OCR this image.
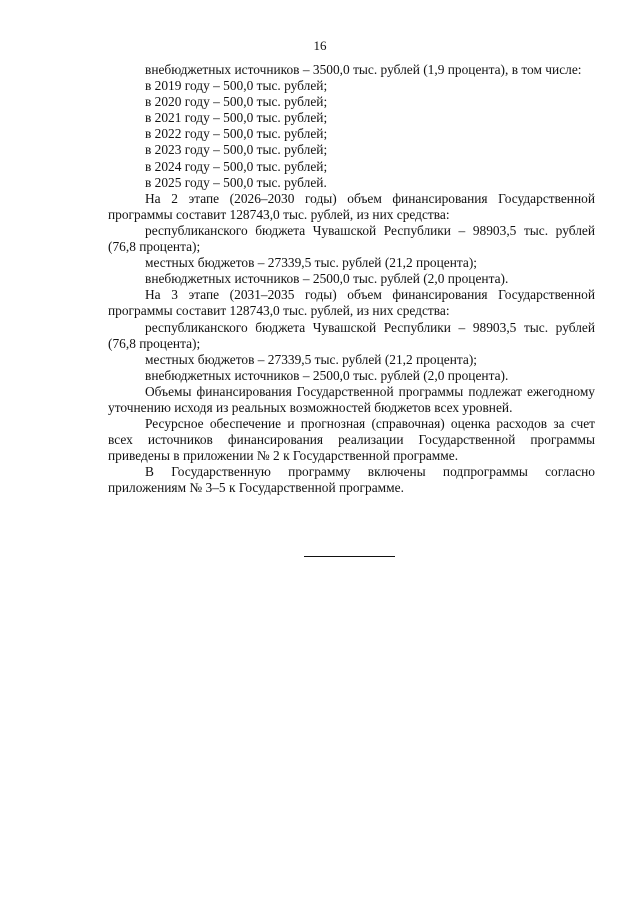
16

внебюджетных источников – 3500,0 тыс. рублей (1,9 процента), в том числе:

в 2019 году – 500,0 тыс. рублей;

в 2020 году – 500,0 тыс. рублей;

в 2021 году – 500,0 тыс. рублей;

в 2022 году – 500,0 тыс. рублей;

в 2023 году – 500,0 тыс. рублей;

в 2024 году – 500,0 тыс. рублей;

в 2025 году – 500,0 тыс. рублей.

На 2 этапе (2026–2030 годы) объем финансирования Государственной программы составит 128743,0 тыс. рублей, из них средства:

республиканского бюджета Чувашской Республики – 98903,5 тыс. рублей (76,8 процента);

местных бюджетов – 27339,5 тыс. рублей (21,2 процента);

внебюджетных источников – 2500,0 тыс. рублей (2,0 процента).

На 3 этапе (2031–2035 годы) объем финансирования Государственной программы составит 128743,0 тыс. рублей, из них средства:

республиканского бюджета Чувашской Республики – 98903,5 тыс. рублей (76,8 процента);

местных бюджетов – 27339,5 тыс. рублей (21,2 процента);

внебюджетных источников – 2500,0 тыс. рублей (2,0 процента).

Объемы финансирования Государственной программы подлежат ежегодному уточнению исходя из реальных возможностей бюджетов всех уровней.

Ресурсное обеспечение и прогнозная (справочная) оценка расходов за счет всех источников финансирования реализации Государственной программы приведены в приложении № 2 к Государственной программе.

В Государственную программу включены подпрограммы согласно приложениям № 3–5 к Государственной программе.
